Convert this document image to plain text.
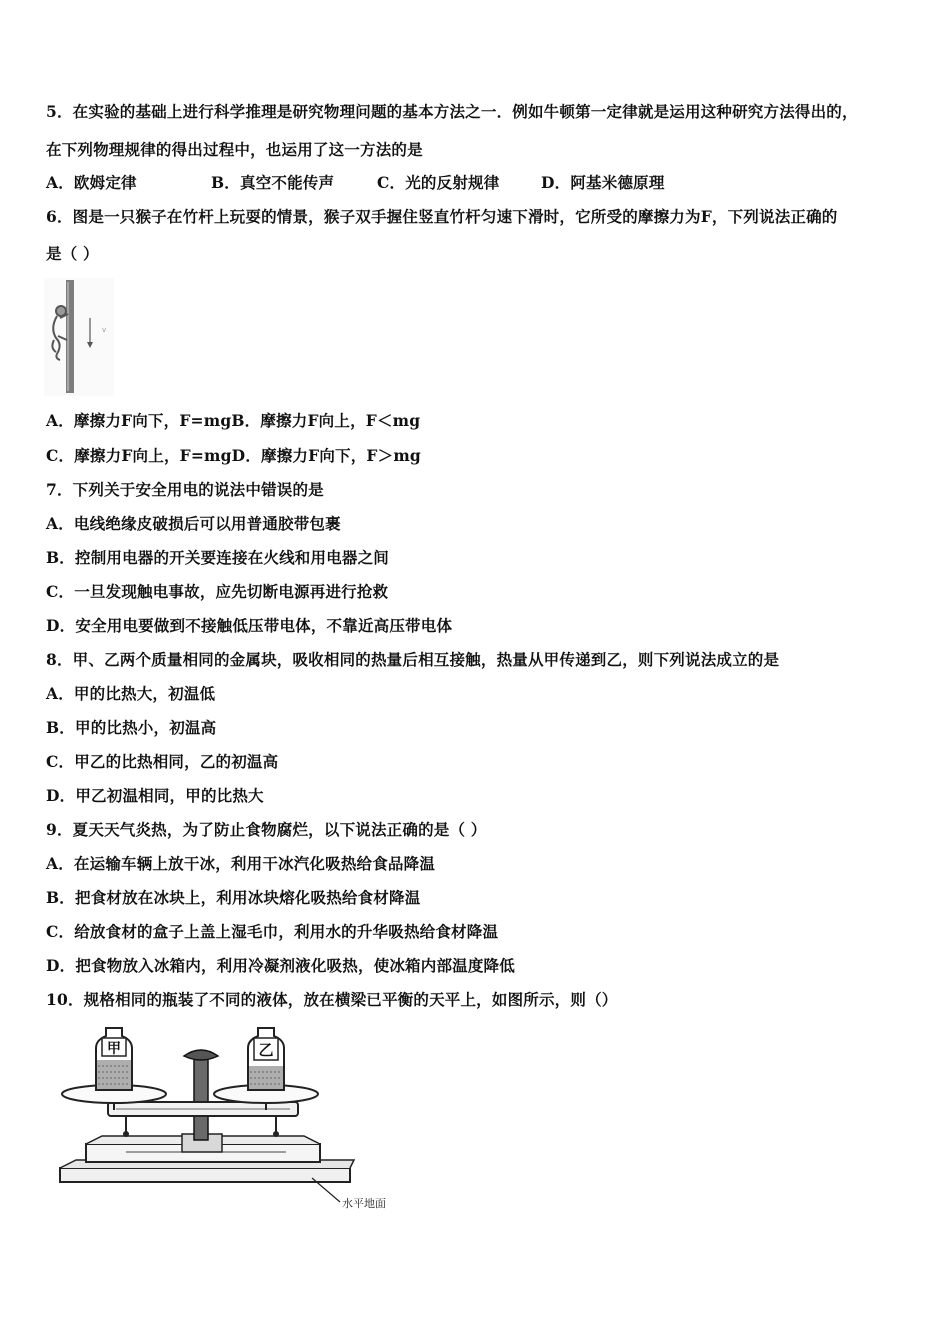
5．在实验的基础上进行科学推理是研究物理问题的基本方法之一．例如牛顿第一定律就是运用这种研究方法得出的，
在下列物理规律的得出过程中，也运用了这一方法的是
A．欧姆定律	B．真空不能传声	C．光的反射规律	D．阿基米德原理
6．图是一只猴子在竹杆上玩耍的情景，猴子双手握住竖直竹杆匀速下滑时，它所受的摩擦力为F，下列说法正确的
是（ ）
v
A．摩擦力F向下，F=mgB．摩擦力F向上，F＜mg
C．摩擦力F向上，F=mgD．摩擦力F向下，F＞mg
7．下列关于安全用电的说法中错误的是
A．电线绝缘皮破损后可以用普通胶带包裹
B．控制用电器的开关要连接在火线和用电器之间
C．一旦发现触电事故，应先切断电源再进行抢救
D．安全用电要做到不接触低压带电体，不靠近高压带电体
8．甲、乙两个质量相同的金属块，吸收相同的热量后相互接触，热量从甲传递到乙，则下列说法成立的是
A．甲的比热大，初温低
B．甲的比热小，初温高
C．甲乙的比热相同，乙的初温高
D．甲乙初温相同，甲的比热大
9．夏天天气炎热，为了防止食物腐烂，以下说法正确的是（ ）
A．在运输车辆上放干冰，利用干冰汽化吸热给食品降温
B．把食材放在冰块上，利用冰块熔化吸热给食材降温
C．给放食材的盒子上盖上湿毛巾，利用水的升华吸热给食材降温
D．把食物放入冰箱内，利用冷凝剂液化吸热，使冰箱内部温度降低
10．规格相同的瓶装了不同的液体，放在横梁已平衡的天平上，如图所示，则（）
甲	乙
水平地面
